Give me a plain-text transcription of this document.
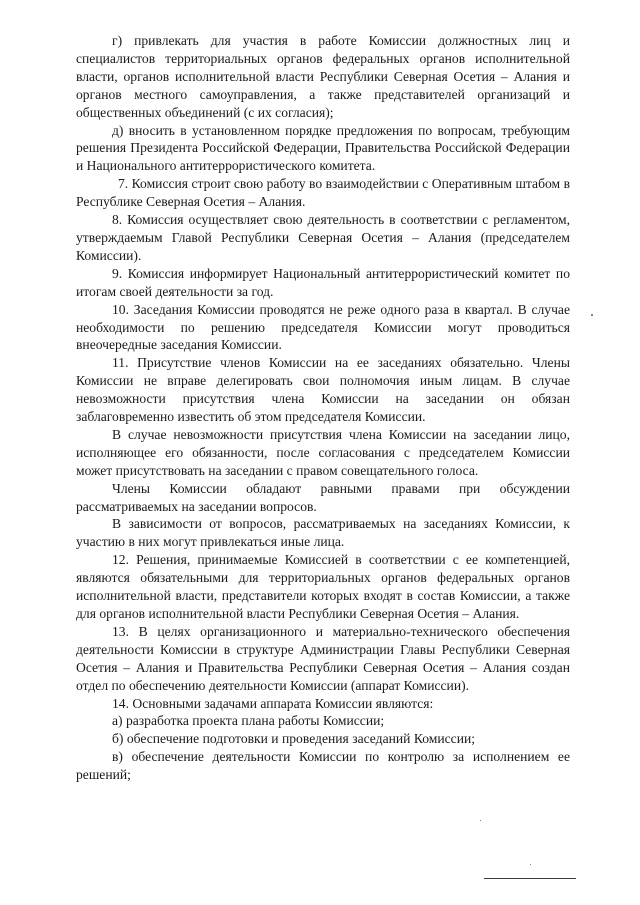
г) привлекать для участия в работе Комиссии должностных лиц и специалистов территориальных органов федеральных органов исполнительной власти, органов исполнительной власти Республики Северная Осетия – Алания и органов местного самоуправления, а также представителей организаций и общественных объединений (с их согласия);

д) вносить в установленном порядке предложения по вопросам, требующим решения Президента Российской Федерации, Правительства Российской Федерации и Национального антитеррористического комитета.

7. Комиссия строит свою работу во взаимодействии с Оперативным штабом в Республике Северная Осетия – Алания.

8. Комиссия осуществляет свою деятельность в соответствии с регламентом, утверждаемым Главой Республики Северная Осетия – Алания (председателем Комиссии).

9. Комиссия информирует Национальный антитеррористический комитет по итогам своей деятельности за год.

10. Заседания Комиссии проводятся не реже одного раза в квартал. В случае необходимости по решению председателя Комиссии могут проводиться внеочередные заседания Комиссии.

11. Присутствие членов Комиссии на ее заседаниях обязательно. Члены Комиссии не вправе делегировать свои полномочия иным лицам. В случае невозможности присутствия члена Комиссии на заседании он обязан заблаговременно известить об этом председателя Комиссии.

В случае невозможности присутствия члена Комиссии на заседании лицо, исполняющее его обязанности, после согласования с председателем Комиссии может присутствовать на заседании с правом совещательного голоса.

Члены Комиссии обладают равными правами при обсуждении рассматриваемых на заседании вопросов.

В зависимости от вопросов, рассматриваемых на заседаниях Комиссии, к участию в них могут привлекаться иные лица.

12. Решения, принимаемые Комиссией в соответствии с ее компетенцией, являются обязательными для территориальных органов федеральных органов исполнительной власти, представители которых входят в состав Комиссии, а также для органов исполнительной власти Республики Северная Осетия – Алания.

13. В целях организационного и материально-технического обеспечения деятельности Комиссии в структуре Администрации Главы Республики Северная Осетия – Алания и Правительства Республики Северная Осетия – Алания создан отдел по обеспечению деятельности Комиссии (аппарат Комиссии).

14. Основными задачами аппарата Комиссии являются:

а) разработка проекта плана работы Комиссии;

б) обеспечение подготовки и проведения заседаний Комиссии;

в) обеспечение деятельности Комиссии по контролю за исполнением ее решений;
